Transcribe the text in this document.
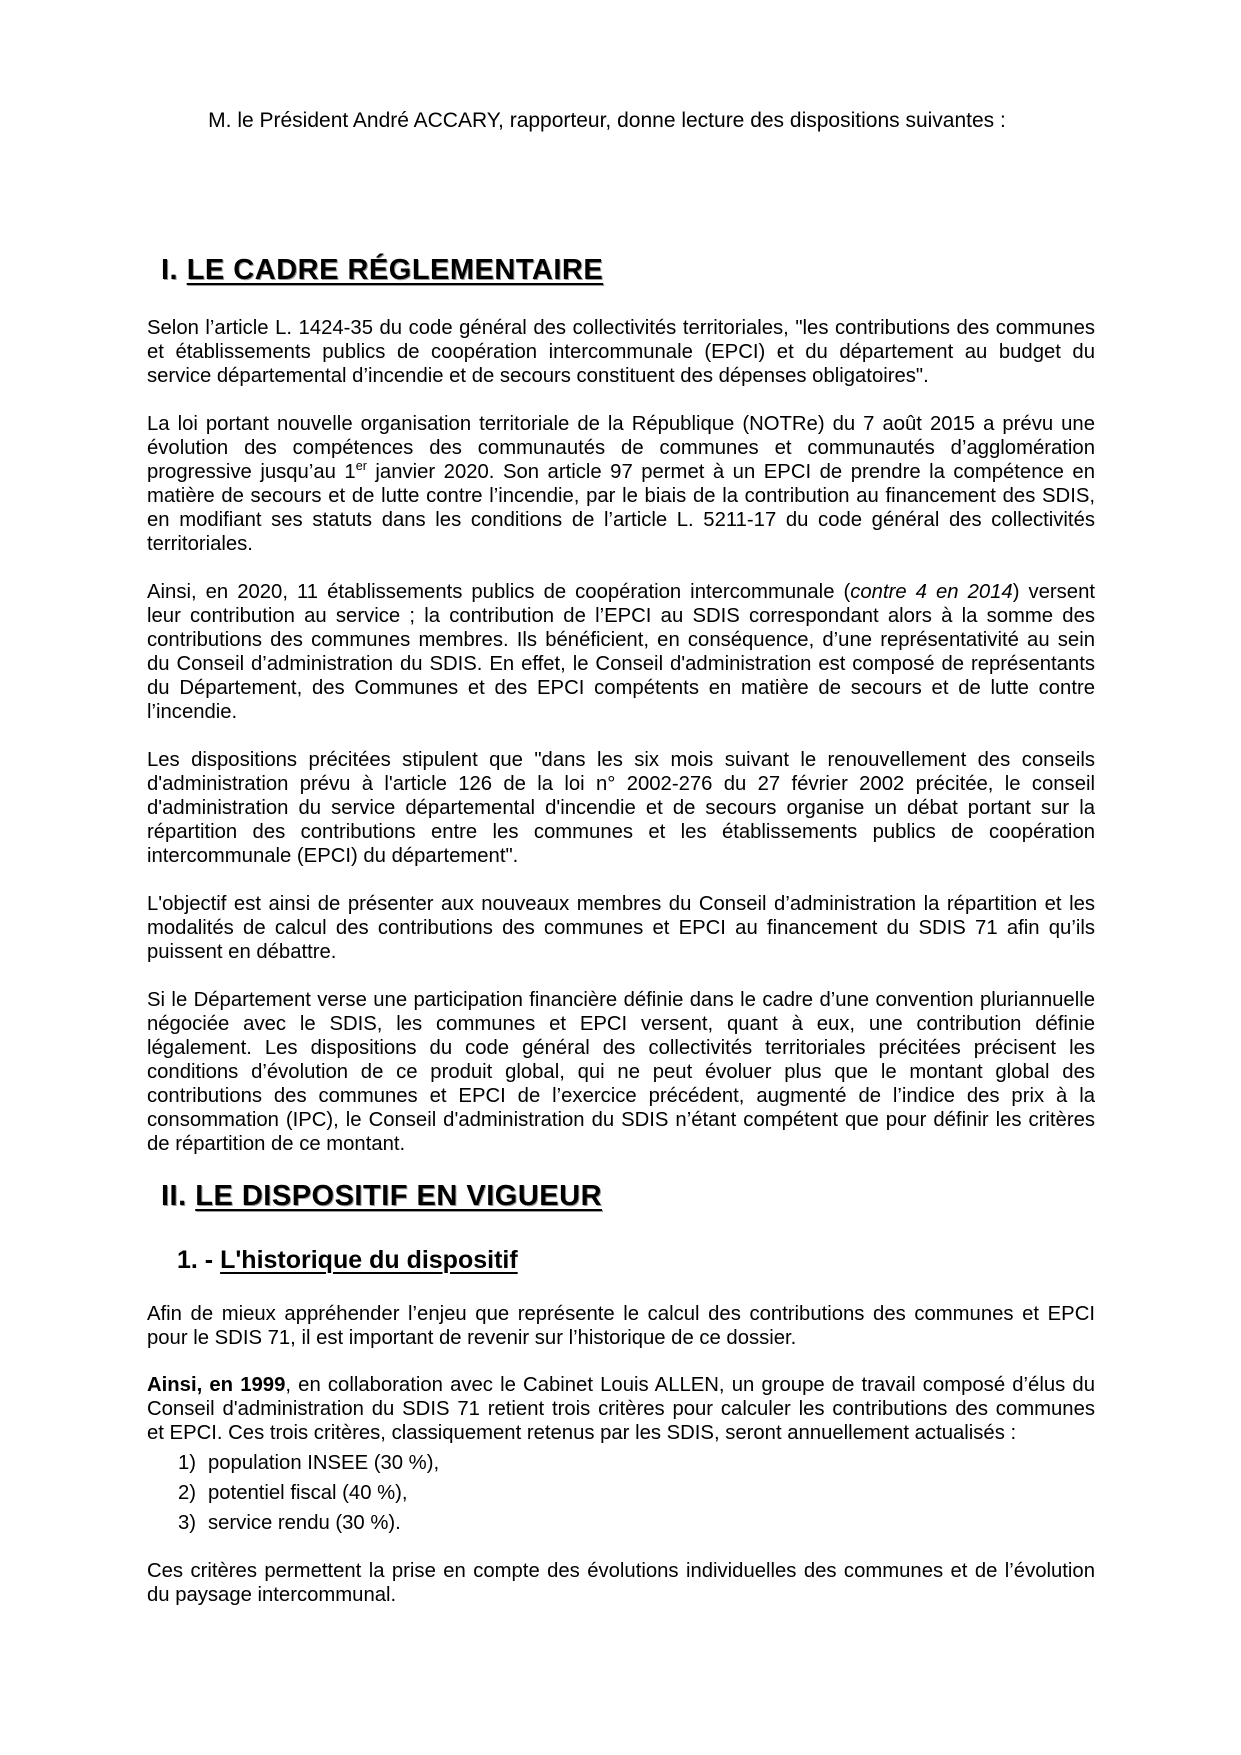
M. le Président André ACCARY, rapporteur, donne lecture des dispositions suivantes :

I. LE CADRE RÉGLEMENTAIRE
Selon l’article L. 1424-35 du code général des collectivités territoriales, "les contributions des communes
et établissements publics de coopération intercommunale (EPCI) et du département au budget du
service départemental d’incendie et de secours constituent des dépenses obligatoires".
La loi portant nouvelle organisation territoriale de la République (NOTRe) du 7 août 2015 a prévu une
évolution des compétences des communautés de communes et communautés d’agglomération
progressive jusqu’au 1er janvier 2020. Son article 97 permet à un EPCI de prendre la compétence en
matière de secours et de lutte contre l’incendie, par le biais de la contribution au financement des SDIS,
en modifiant ses statuts dans les conditions de l’article L. 5211-17 du code général des collectivités
territoriales.
Ainsi, en 2020, 11 établissements publics de coopération intercommunale (contre 4 en 2014) versent
leur contribution au service ; la contribution de l’EPCI au SDIS correspondant alors à la somme des
contributions des communes membres. Ils bénéficient, en conséquence, d’une représentativité au sein
du Conseil d’administration du SDIS. En effet, le Conseil d'administration est composé de représentants
du Département, des Communes et des EPCI compétents en matière de secours et de lutte contre
l’incendie.
Les dispositions précitées stipulent que "dans les six mois suivant le renouvellement des conseils
d'administration prévu à l'article 126 de la loi n° 2002-276 du 27 février 2002 précitée, le conseil
d'administration du service départemental d'incendie et de secours organise un débat portant sur la
répartition des contributions entre les communes et les établissements publics de coopération
intercommunale (EPCI) du département".
L'objectif est ainsi de présenter aux nouveaux membres du Conseil d’administration la répartition et les
modalités de calcul des contributions des communes et EPCI au financement du SDIS 71 afin qu’ils
puissent en débattre.
Si le Département verse une participation financière définie dans le cadre d’une convention pluriannuelle
négociée avec le SDIS, les communes et EPCI versent, quant à eux, une contribution définie
légalement. Les dispositions du code général des collectivités territoriales précitées précisent les
conditions d’évolution de ce produit global, qui ne peut évoluer plus que le montant global des
contributions des communes et EPCI de l’exercice précédent, augmenté de l’indice des prix à la
consommation (IPC), le Conseil d'administration du SDIS n’étant compétent que pour définir les critères
de répartition de ce montant.
II. LE DISPOSITIF EN VIGUEUR
1. - L'historique du dispositif
Afin de mieux appréhender l’enjeu que représente le calcul des contributions des communes et EPCI
pour le SDIS 71, il est important de revenir sur l’historique de ce dossier.
Ainsi, en 1999, en collaboration avec le Cabinet Louis ALLEN, un groupe de travail composé d’élus du
Conseil d'administration du SDIS 71 retient trois critères pour calculer les contributions des communes
et EPCI. Ces trois critères, classiquement retenus par les SDIS, seront annuellement actualisés :
1) population INSEE (30 %),
2) potentiel fiscal (40 %),
3) service rendu (30 %).
Ces critères permettent la prise en compte des évolutions individuelles des communes et de l’évolution
du paysage intercommunal.
